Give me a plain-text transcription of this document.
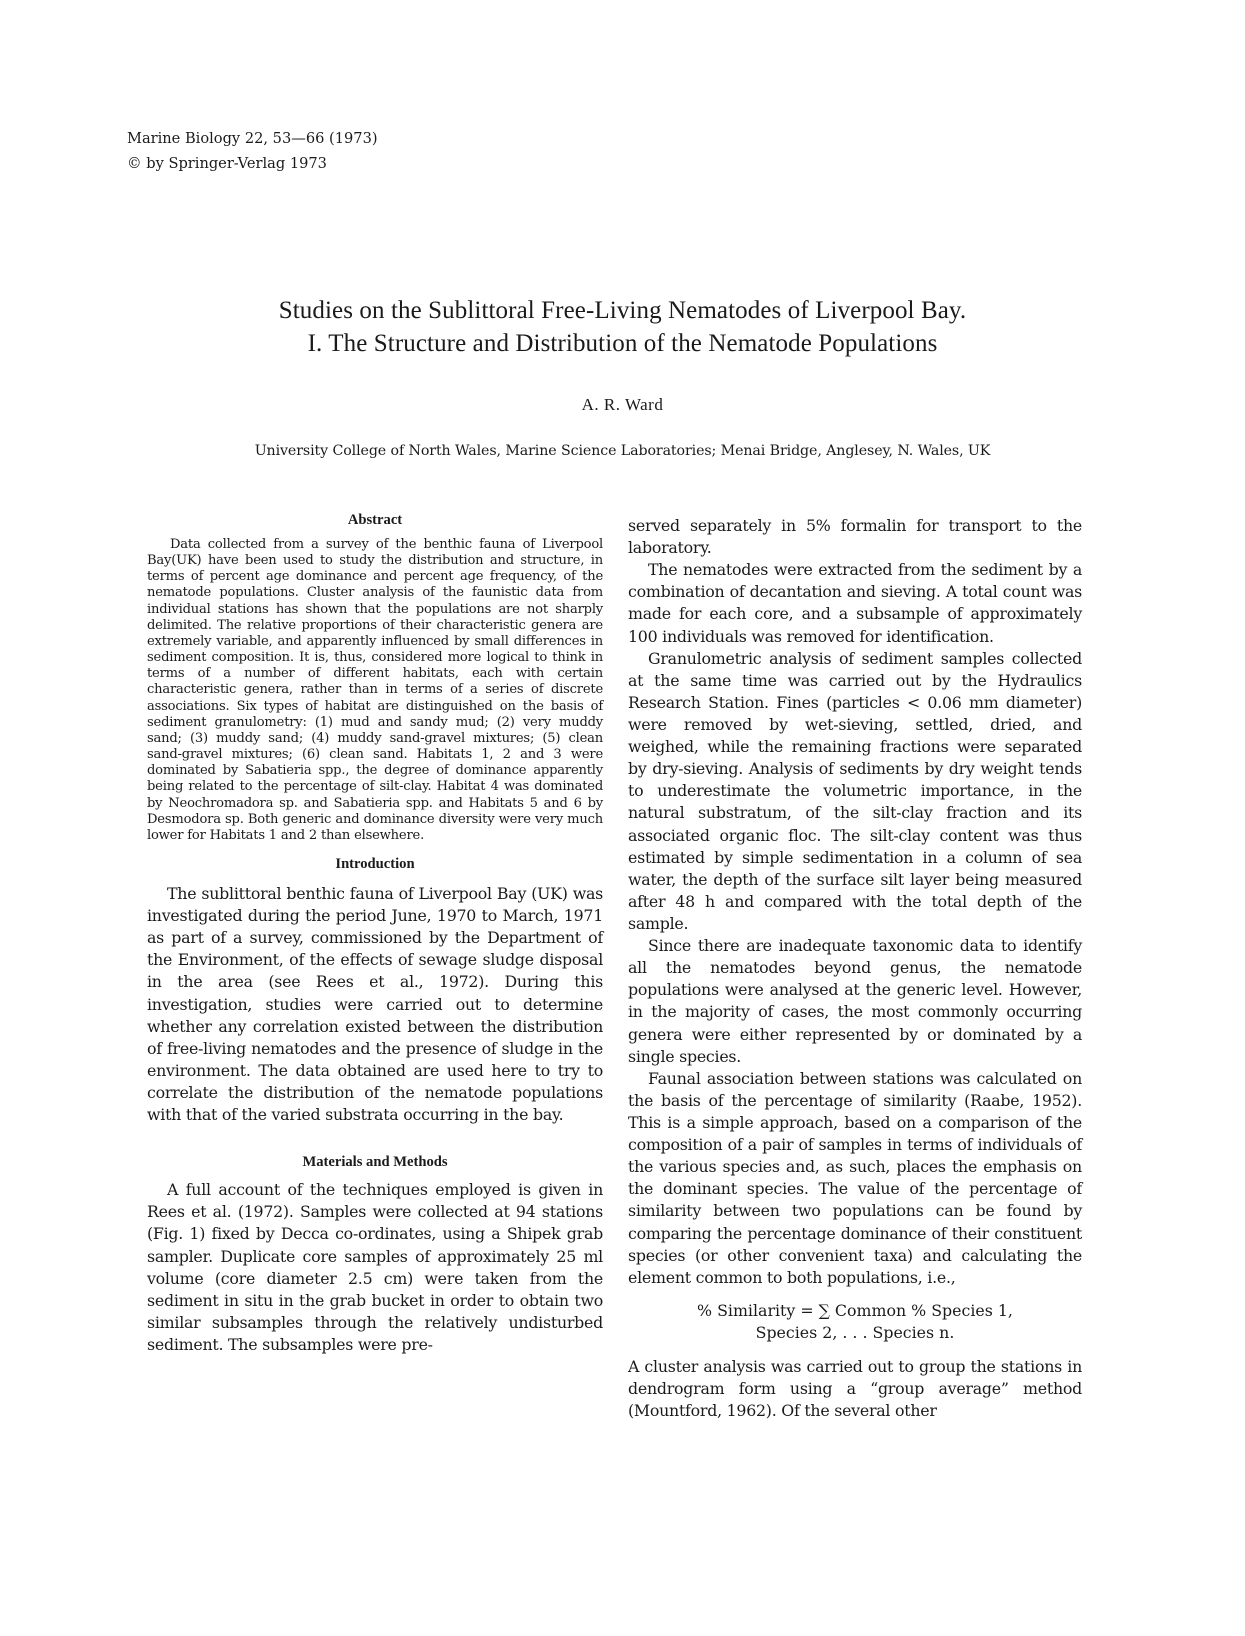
Marine Biology 22, 53—66 (1973)
© by Springer-Verlag 1973
Studies on the Sublittoral Free-Living Nematodes of Liverpool Bay.
I. The Structure and Distribution of the Nematode Populations
A. R. Ward
University College of North Wales, Marine Science Laboratories; Menai Bridge, Anglesey, N. Wales, UK
Abstract

Data collected from a survey of the benthic fauna of Liverpool Bay(UK) have been used to study the distribution and structure, in terms of percent age dominance and percent age frequency, of the nematode populations. Cluster analysis of the faunistic data from individual stations has shown that the populations are not sharply delimited. The relative proportions of their characteristic genera are extremely variable, and apparently influenced by small differences in sediment composition. It is, thus, considered more logical to think in terms of a number of different habitats, each with certain characteristic genera, rather than in terms of a series of discrete associations. Six types of habitat are distinguished on the basis of sediment granulometry: (1) mud and sandy mud; (2) very muddy sand; (3) muddy sand; (4) muddy sand-gravel mixtures; (5) clean sand-gravel mixtures; (6) clean sand. Habitats 1, 2 and 3 were dominated by Sabatieria spp., the degree of dominance apparently being related to the percentage of silt-clay. Habitat 4 was dominated by Neochromadora sp. and Sabatieria spp. and Habitats 5 and 6 by Desmodora sp. Both generic and dominance diversity were very much lower for Habitats 1 and 2 than elsewhere.

Introduction
The sublittoral benthic fauna of Liverpool Bay (UK) was investigated during the period June, 1970 to March, 1971 as part of a survey, commissioned by the Department of the Environment, of the effects of sewage sludge disposal in the area (see Rees et al., 1972). During this investigation, studies were carried out to determine whether any correlation existed between the distribution of free-living nematodes and the presence of sludge in the environment. The data obtained are used here to try to correlate the distribution of the nematode populations with that of the varied substrata occurring in the bay.
Materials and Methods
A full account of the techniques employed is given in Rees et al. (1972). Samples were collected at 94 stations (Fig. 1) fixed by Decca co-ordinates, using a Shipek grab sampler. Duplicate core samples of approximately 25 ml volume (core diameter 2.5 cm) were taken from the sediment in situ in the grab bucket in order to obtain two similar subsamples through the relatively undisturbed sediment. The subsamples were pre-
served separately in 5% formalin for transport to the laboratory.
The nematodes were extracted from the sediment by a combination of decantation and sieving. A total count was made for each core, and a subsample of approximately 100 individuals was removed for identification.
Granulometric analysis of sediment samples collected at the same time was carried out by the Hydraulics Research Station. Fines (particles < 0.06 mm diameter) were removed by wet-sieving, settled, dried, and weighed, while the remaining fractions were separated by dry-sieving. Analysis of sediments by dry weight tends to underestimate the volumetric importance, in the natural substratum, of the silt-clay fraction and its associated organic floc. The silt-clay content was thus estimated by simple sedimentation in a column of sea water, the depth of the surface silt layer being measured after 48 h and compared with the total depth of the sample.
Since there are inadequate taxonomic data to identify all the nematodes beyond genus, the nematode populations were analysed at the generic level. However, in the majority of cases, the most commonly occurring genera were either represented by or dominated by a single species.
Faunal association between stations was calculated on the basis of the percentage of similarity (Raabe, 1952). This is a simple approach, based on a comparison of the composition of a pair of samples in terms of individuals of the various species and, as such, places the emphasis on the dominant species. The value of the percentage of similarity between two populations can be found by comparing the percentage dominance of their constituent species (or other convenient taxa) and calculating the element common to both populations, i.e.,
% Similarity = ∑ Common % Species 1,
Species 2, . . . Species n.
A cluster analysis was carried out to group the stations in dendrogram form using a “group average” method (Mountford, 1962). Of the several other
